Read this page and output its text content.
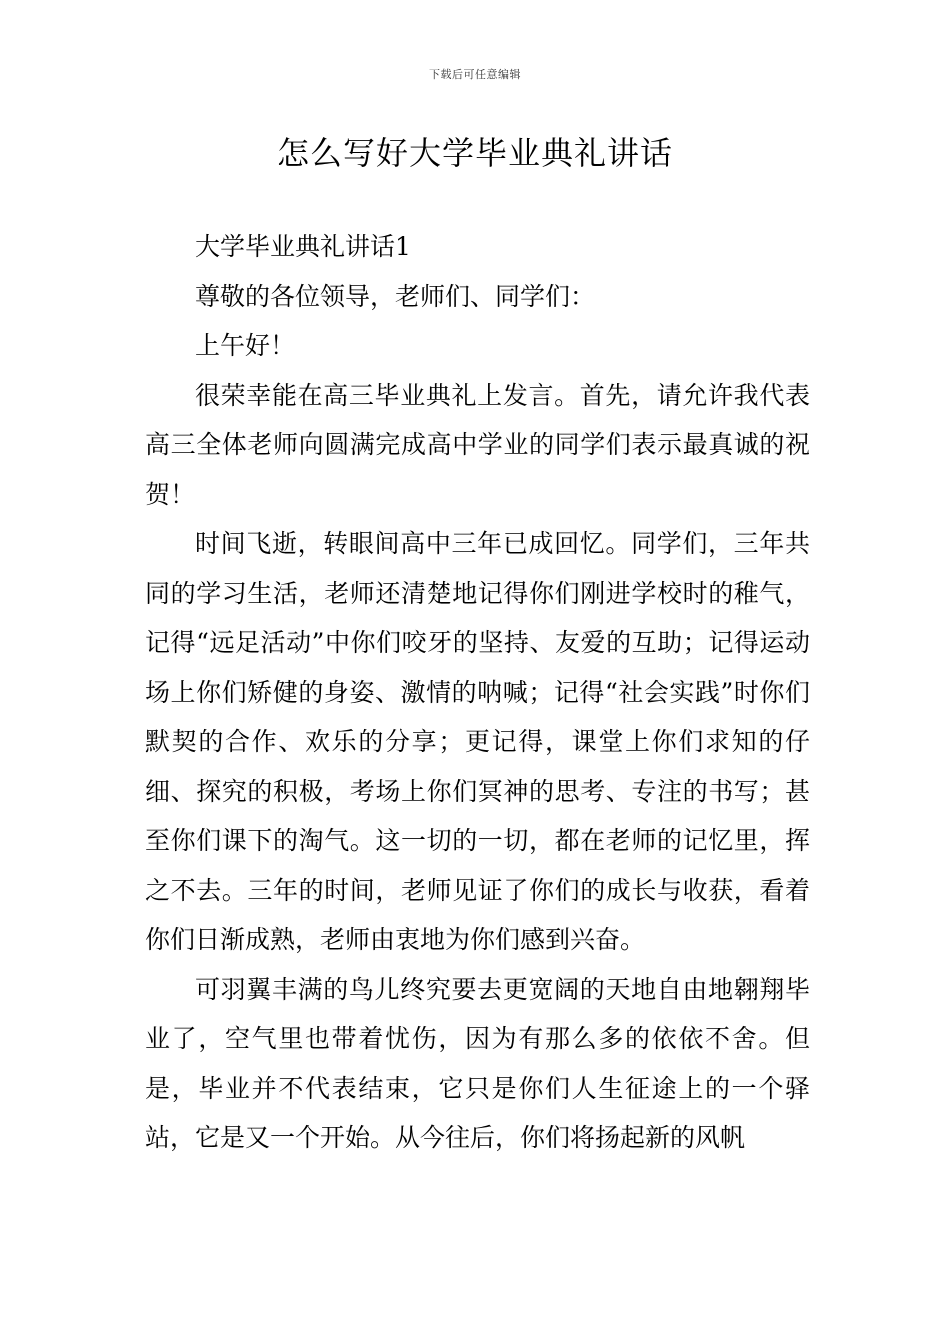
下载后可任意编辑
怎么写好大学毕业典礼讲话

大学毕业典礼讲话1

尊敬的各位领导，老师们、同学们：

上午好！

很荣幸能在高三毕业典礼上发言。首先，请允许我代表高三全体老师向圆满完成高中学业的同学们表示最真诚的祝贺！

时间飞逝，转眼间高中三年已成回忆。同学们，三年共同的学习生活，老师还清楚地记得你们刚进学校时的稚气，记得“远足活动”中你们咬牙的坚持、友爱的互助；记得运动场上你们矫健的身姿、激情的呐喊；记得“社会实践”时你们默契的合作、欢乐的分享；更记得，课堂上你们求知的仔细、探究的积极，考场上你们冥神的思考、专注的书写；甚至你们课下的淘气。这一切的一切，都在老师的记忆里，挥之不去。三年的时间，老师见证了你们的成长与收获，看着你们日渐成熟，老师由衷地为你们感到兴奋。

可羽翼丰满的鸟儿终究要去更宽阔的天地自由地翱翔毕业了，空气里也带着忧伤，因为有那么多的依依不舍。但是，毕业并不代表结束，它只是你们人生征途上的一个驿站，它是又一个开始。从今往后，你们将扬起新的风帆
